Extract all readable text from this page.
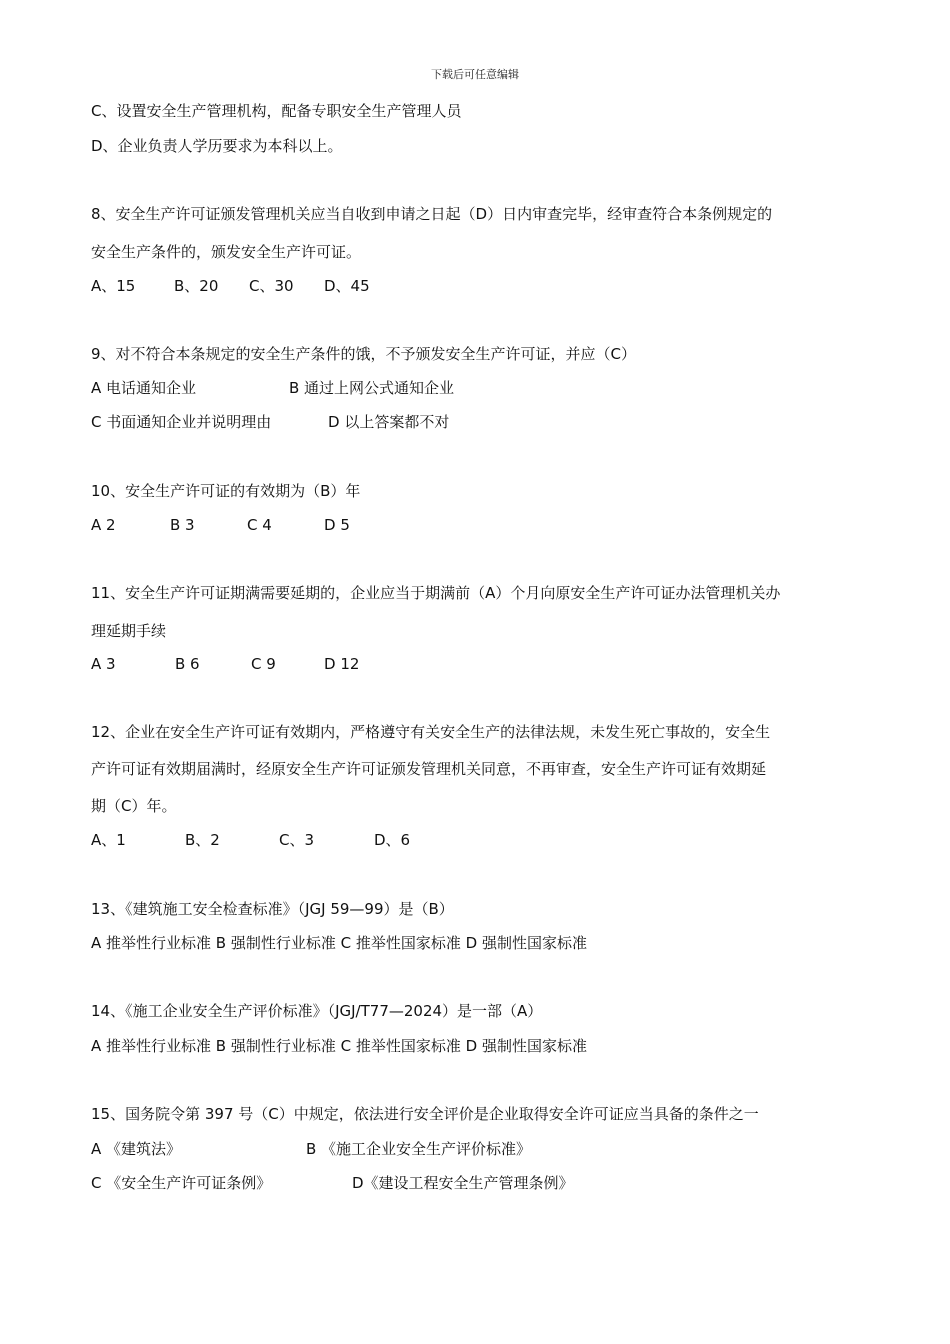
下载后可任意编辑
C、设置安全生产管理机构，配备专职安全生产管理人员
D、企业负责人学历要求为本科以上。
8、安全生产许可证颁发管理机关应当自收到申请之日起（D）日内审查完毕，经审查符合本条例规定的
安全生产条件的，颁发安全生产许可证。
A、15	B、20 C、30 D、45
9、对不符合本条规定的安全生产条件的饿，不予颁发安全生产许可证，并应（C）
A 电话通知企业	B 通过上网公式通知企业
C 书面通知企业并说明理由	D 以上答案都不对
10、安全生产许可证的有效期为（B）年
A 2	B 3	C 4	D 5
11、安全生产许可证期满需要延期的，企业应当于期满前（A）个月向原安全生产许可证办法管理机关办
理延期手续
A 3	B 6	C 9	D 12
12、企业在安全生产许可证有效期内，严格遵守有关安全生产的法律法规，未发生死亡事故的，安全生
产许可证有效期届满时，经原安全生产许可证颁发管理机关同意，不再审查，安全生产许可证有效期延
期（C）年。
A、1	B、2	C、3	D、6
13、《建筑施工安全检查标准》（JGJ 59—99）是（B）
A 推举性行业标准 B 强制性行业标准 C 推举性国家标准 D 强制性国家标准
14、《施工企业安全生产评价标准》（JGJ/T77—2024）是一部（A）
A 推举性行业标准 B 强制性行业标准 C 推举性国家标准 D 强制性国家标准
15、国务院令第 397 号（C）中规定，依法进行安全评价是企业取得安全许可证应当具备的条件之一
A 《建筑法》	B 《施工企业安全生产评价标准》
C 《安全生产许可证条例》	D《建设工程安全生产管理条例》
